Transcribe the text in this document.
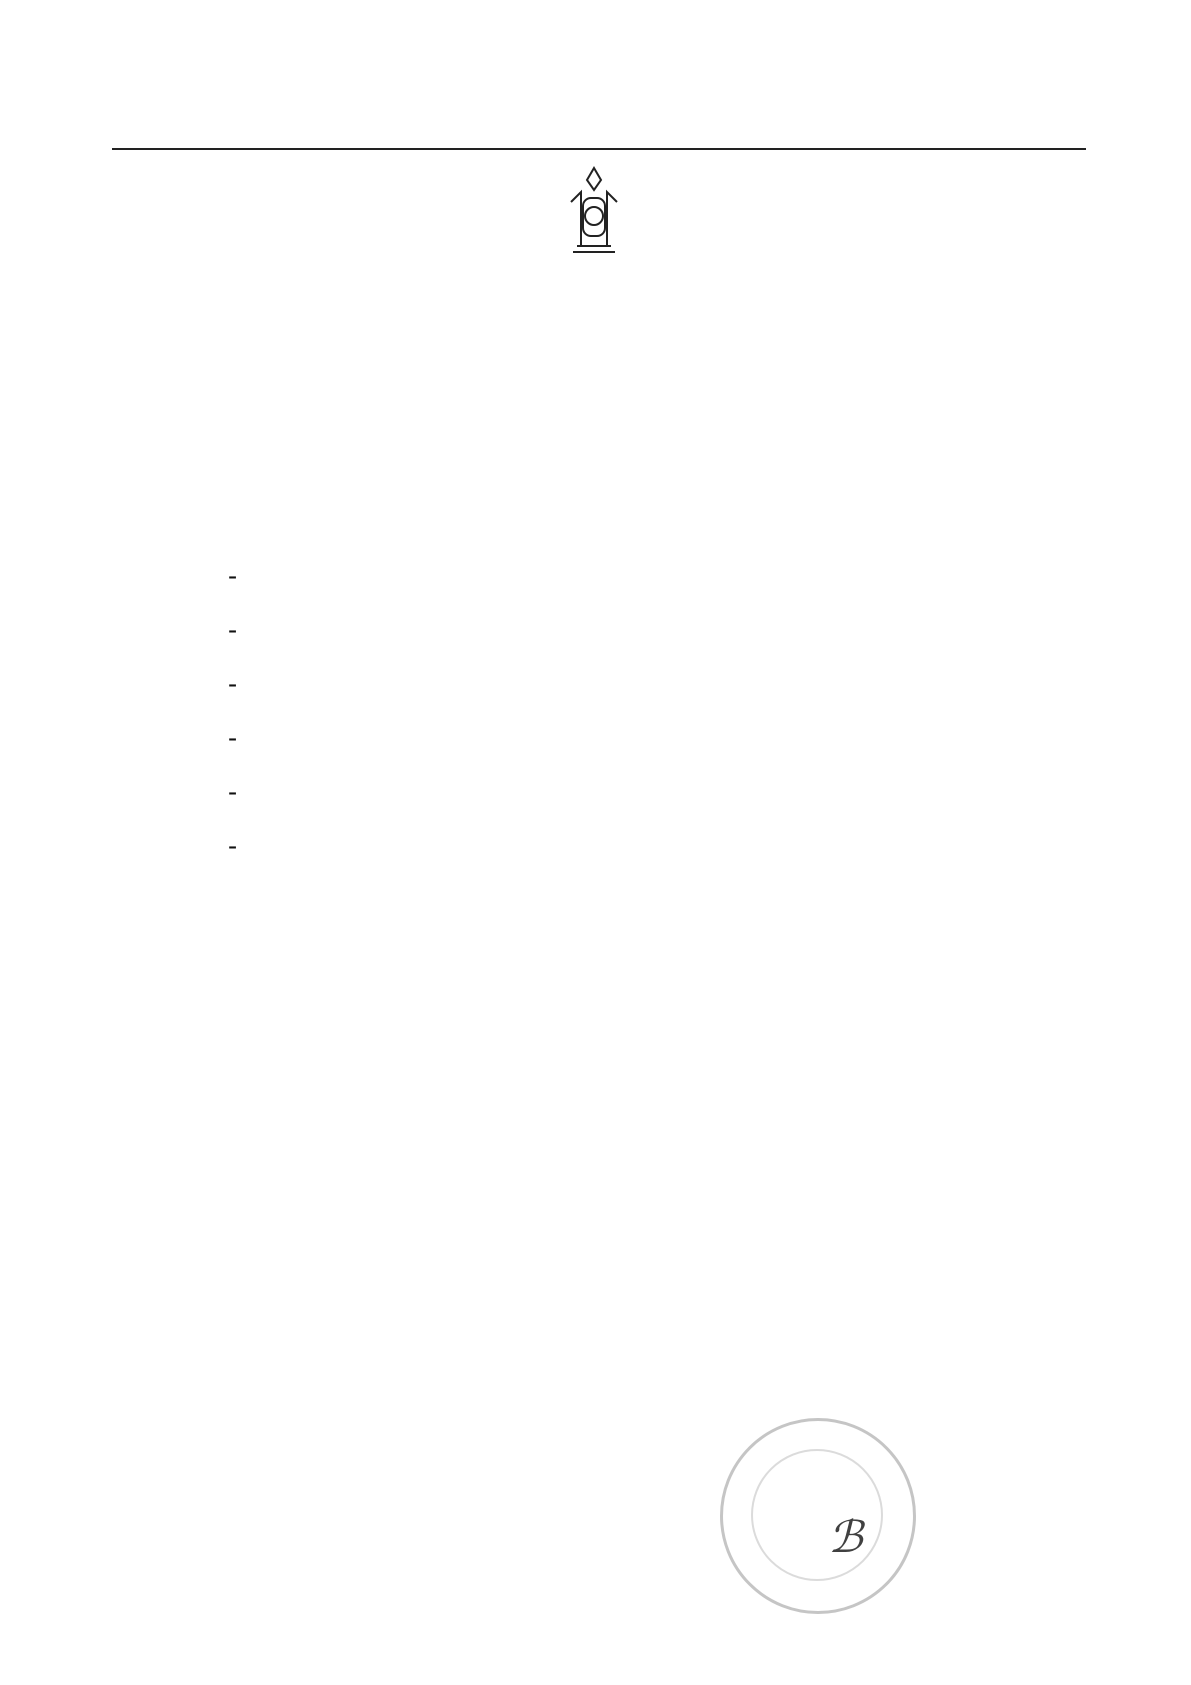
-
-
-
-
-
-
ℬ
